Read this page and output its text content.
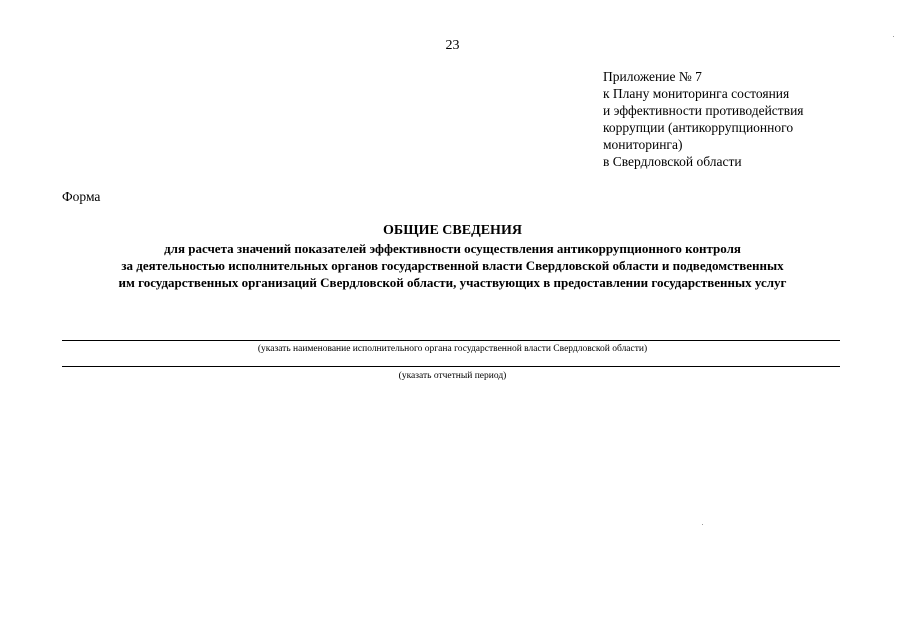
23
Приложение № 7
к Плану мониторинга состояния
и эффективности противодействия
коррупции (антикоррупционного
мониторинга)
в Свердловской области
Форма
ОБЩИЕ СВЕДЕНИЯ
для расчета значений показателей эффективности осуществления антикоррупционного контроля
за деятельностью исполнительных органов государственной власти Свердловской области и подведомственных
им государственных организаций Свердловской области, участвующих в предоставлении государственных услуг
(указать наименование исполнительного органа государственной власти Свердловской области)
(указать отчетный период)
